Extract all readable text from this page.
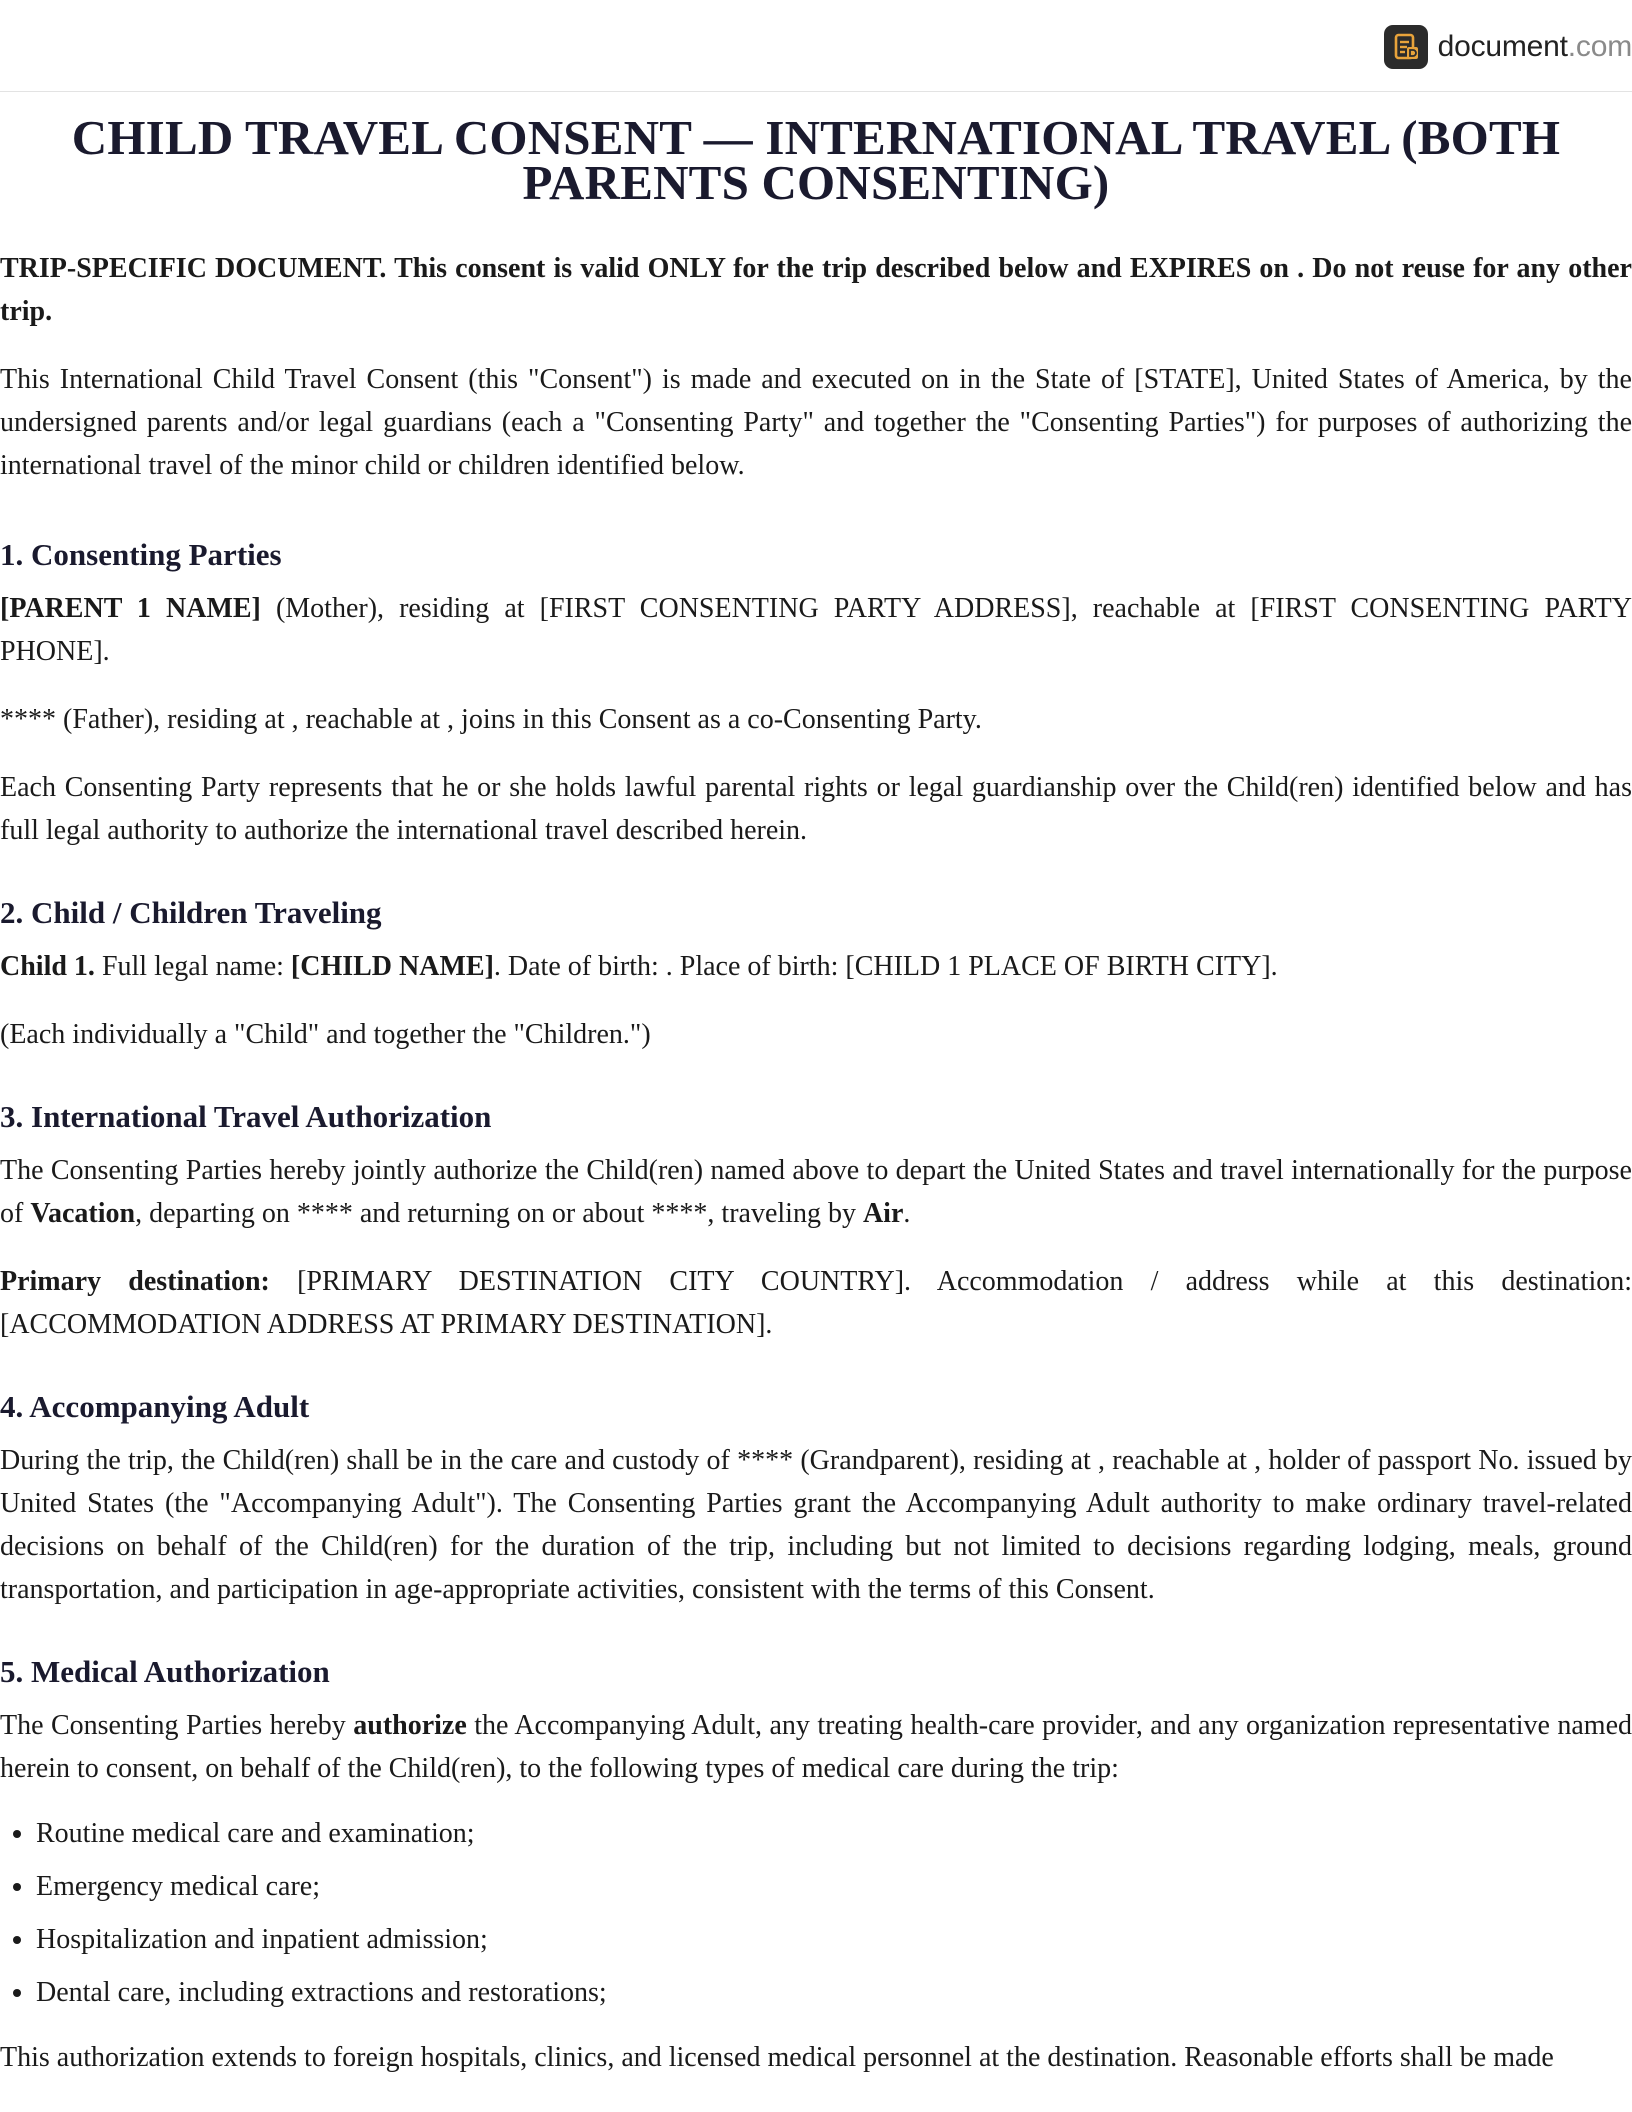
document.com
CHILD TRAVEL CONSENT — INTERNATIONAL TRAVEL (BOTH PARENTS CONSENTING)

TRIP-SPECIFIC DOCUMENT. This consent is valid ONLY for the trip described below and EXPIRES on . Do not reuse for any other trip.

This International Child Travel Consent (this "Consent") is made and executed on in the State of [STATE], United States of America, by the undersigned parents and/or legal guardians (each a "Consenting Party" and together the "Consenting Parties") for purposes of authorizing the international travel of the minor child or children identified below.

1. Consenting Parties

[PARENT 1 NAME] (Mother), residing at [FIRST CONSENTING PARTY ADDRESS], reachable at [FIRST CONSENTING PARTY PHONE].

**** (Father), residing at , reachable at , joins in this Consent as a co-Consenting Party.

Each Consenting Party represents that he or she holds lawful parental rights or legal guardianship over the Child(ren) identified below and has full legal authority to authorize the international travel described herein.

2. Child / Children Traveling

Child 1. Full legal name: [CHILD NAME]. Date of birth: . Place of birth: [CHILD 1 PLACE OF BIRTH CITY].

(Each individually a "Child" and together the "Children.")

3. International Travel Authorization

The Consenting Parties hereby jointly authorize the Child(ren) named above to depart the United States and travel internationally for the purpose of Vacation, departing on **** and returning on or about ****, traveling by Air.

Primary destination: [PRIMARY DESTINATION CITY COUNTRY]. Accommodation / address while at this destination: [ACCOMMODATION ADDRESS AT PRIMARY DESTINATION].

4. Accompanying Adult

During the trip, the Child(ren) shall be in the care and custody of **** (Grandparent), residing at , reachable at , holder of passport No. issued by United States (the "Accompanying Adult"). The Consenting Parties grant the Accompanying Adult authority to make ordinary travel-related decisions on behalf of the Child(ren) for the duration of the trip, including but not limited to decisions regarding lodging, meals, ground transportation, and participation in age-appropriate activities, consistent with the terms of this Consent.

5. Medical Authorization

The Consenting Parties hereby authorize the Accompanying Adult, any treating health-care provider, and any organization representative named herein to consent, on behalf of the Child(ren), to the following types of medical care during the trip:

• Routine medical care and examination;
• Emergency medical care;
• Hospitalization and inpatient admission;
• Dental care, including extractions and restorations;

This authorization extends to foreign hospitals, clinics, and licensed medical personnel at the destination. Reasonable efforts shall be made
